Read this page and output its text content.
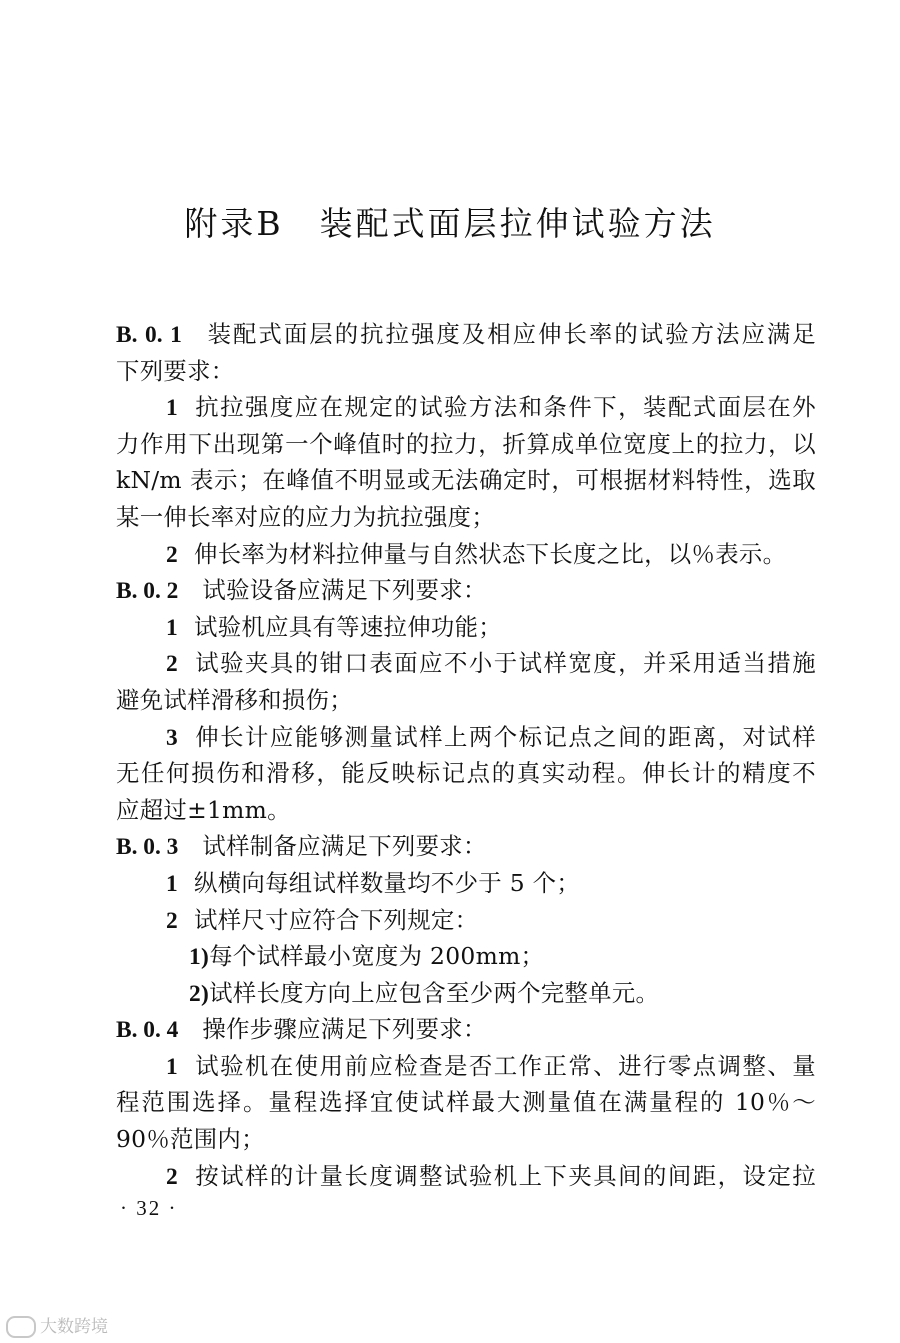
附录B　装配式面层拉伸试验方法
B. 0. 1 装配式面层的抗拉强度及相应伸长率的试验方法应满足
下列要求：
1 抗拉强度应在规定的试验方法和条件下，装配式面层在外
力作用下出现第一个峰值时的拉力，折算成单位宽度上的拉力，以
kN/m 表示；在峰值不明显或无法确定时，可根据材料特性，选取
某一伸长率对应的应力为抗拉强度；
2 伸长率为材料拉伸量与自然状态下长度之比，以％表示。
B. 0. 2 试验设备应满足下列要求：
1 试验机应具有等速拉伸功能；
2 试验夹具的钳口表面应不小于试样宽度，并采用适当措施
避免试样滑移和损伤；
3 伸长计应能够测量试样上两个标记点之间的距离，对试样
无任何损伤和滑移，能反映标记点的真实动程。伸长计的精度不
应超过±1mm。
B. 0. 3 试样制备应满足下列要求：
1 纵横向每组试样数量均不少于 5 个；
2 试样尺寸应符合下列规定：
1)每个试样最小宽度为 200mm；
2)试样长度方向上应包含至少两个完整单元。
B. 0. 4 操作步骤应满足下列要求：
1 试验机在使用前应检查是否工作正常、进行零点调整、量
程范围选择。量程选择宜使试样最大测量值在满量程的 10％～
90％范围内；
2 按试样的计量长度调整试验机上下夹具间的间距，设定拉
· 32 ·
大数跨境
